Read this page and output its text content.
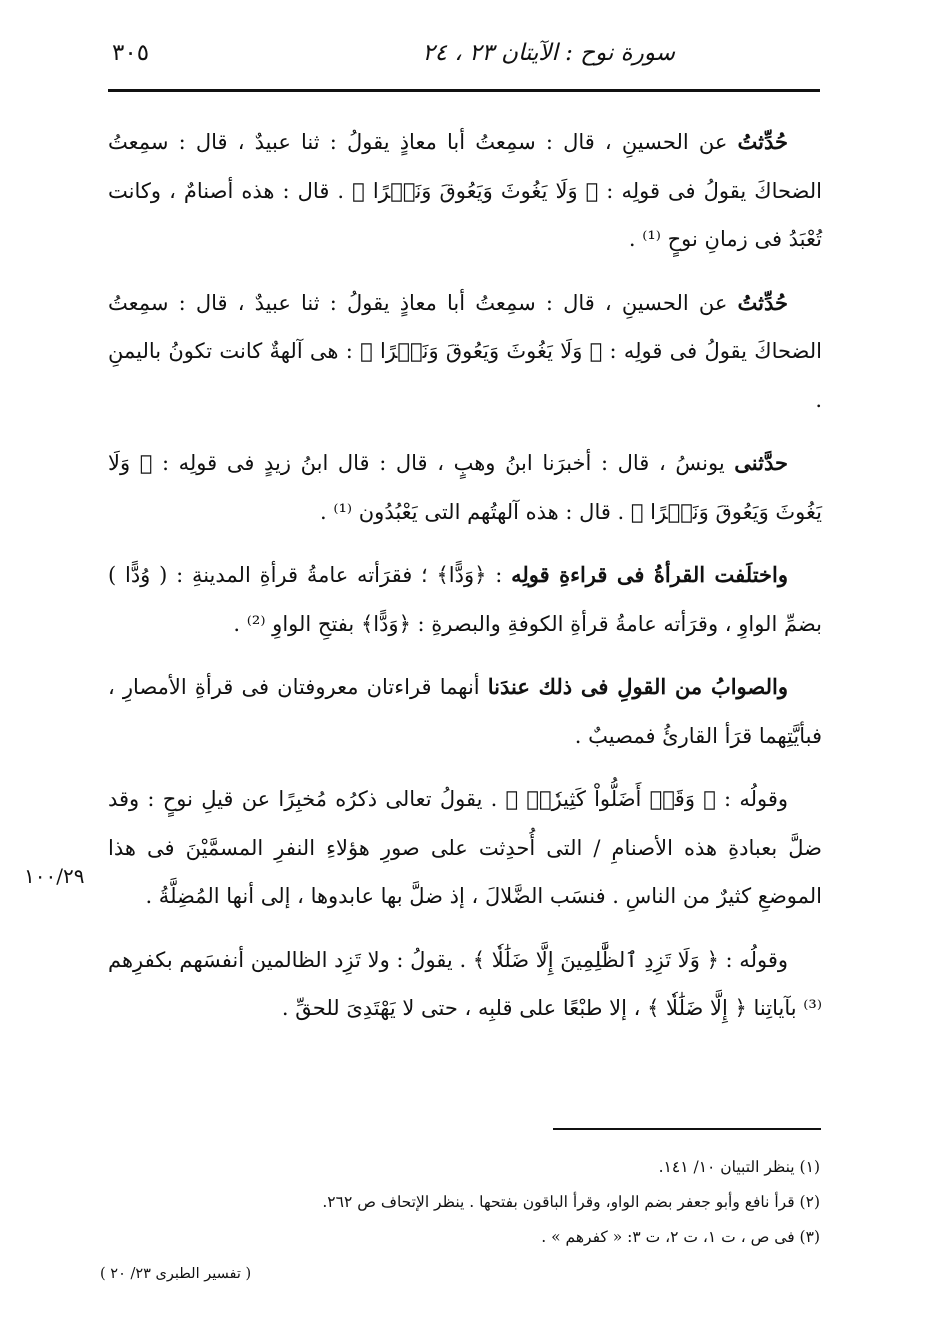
سورة نوح : الآيتان ٢٣ ، ٢٤
٣٠٥

حُدِّثتُ عن الحسينِ ، قال : سمِعتُ أبا معاذٍ يقولُ : ثنا عبيدٌ ، قال : سمِعتُ الضحاكَ يقولُ فى قولِه : ﴿ وَلَا يَغُوثَ وَيَعُوقَ وَنَسۡرًا ﴾ . قال : هذه أصنامٌ ، وكانت تُعْبَدُ فى زمانِ نوحٍ ⁽¹⁾ .

حُدِّثتُ عن الحسينِ ، قال : سمِعتُ أبا معاذٍ يقولُ : ثنا عبيدٌ ، قال : سمِعتُ الضحاكَ يقولُ فى قولِه : ﴿ وَلَا يَغُوثَ وَيَعُوقَ وَنَسۡرًا ﴾ : هى آلهةٌ كانت تكونُ باليمنِ .

حدَّثنى يونسُ ، قال : أخبرَنا ابنُ وهبٍ ، قال : قال ابنُ زيدٍ فى قولِه : ﴿ وَلَا يَغُوثَ وَيَعُوقَ وَنَسۡرًا ﴾ . قال : هذه آلهتُهم التى يَعْبُدُون ⁽¹⁾ .

واختلَفت القرأةُ فى قراءةِ قولِه : ﴿وَدًّا﴾ ؛ فقرَأته عامةُ قرأةِ المدينةِ : ( وُدًّا ) بضمِّ الواوِ ، وقرَأته عامةُ قرأةِ الكوفةِ والبصرةِ : ﴿وَدًّا﴾ بفتحِ الواوِ ⁽²⁾ .

والصوابُ من القولِ فى ذلك عندَنا أنهما قراءتان معروفتان فى قرأةِ الأمصارِ ، فبأيَّتِهما قرَأ القارئُ فمصيبٌ .

وقولُه : ﴿ وَقَدۡ أَضَلُّواْ كَثِيرٗاۖ ﴾ . يقولُ تعالى ذكرُه مُخبِرًا عن قيلِ نوحٍ : وقد ضلَّ بعبادةِ هذه الأصنامِ / التى أُحدِثت على صورِ هؤلاءِ النفرِ المسمَّيْنَ فى هذا الموضعِ كثيرٌ من الناسِ . فنسَب الضَّلالَ ، إذ ضلَّ بها عابدوها ، إلى أنها المُضِلَّةُ .

وقولُه : ﴿ وَلَا تَزِدِ ٱلظَّٰلِمِينَ إِلَّا ضَلَٰلٗا ﴾ . يقولُ : ولا تَزِد الظالمين أنفسَهم بكفرِهم ⁽³⁾ بآياتِنا ﴿ إِلَّا ضَلَٰلٗا ﴾ ، إلا طبْعًا على قلبِه ، حتى لا يَهْتَدِىَ للحقِّ .

١٠٠/٢٩

(١) ينظر التبيان ١٠/ ١٤١.

(٢) قرأ نافع وأبو جعفر بضم الواو، وقرأ الباقون بفتحها . ينظر الإتحاف ص ٢٦٢.

(٣) فى ص ، ت ١، ت ٢، ت ٣: « كفرهم » .

( تفسير الطبرى ٢٣/ ٢٠ )
